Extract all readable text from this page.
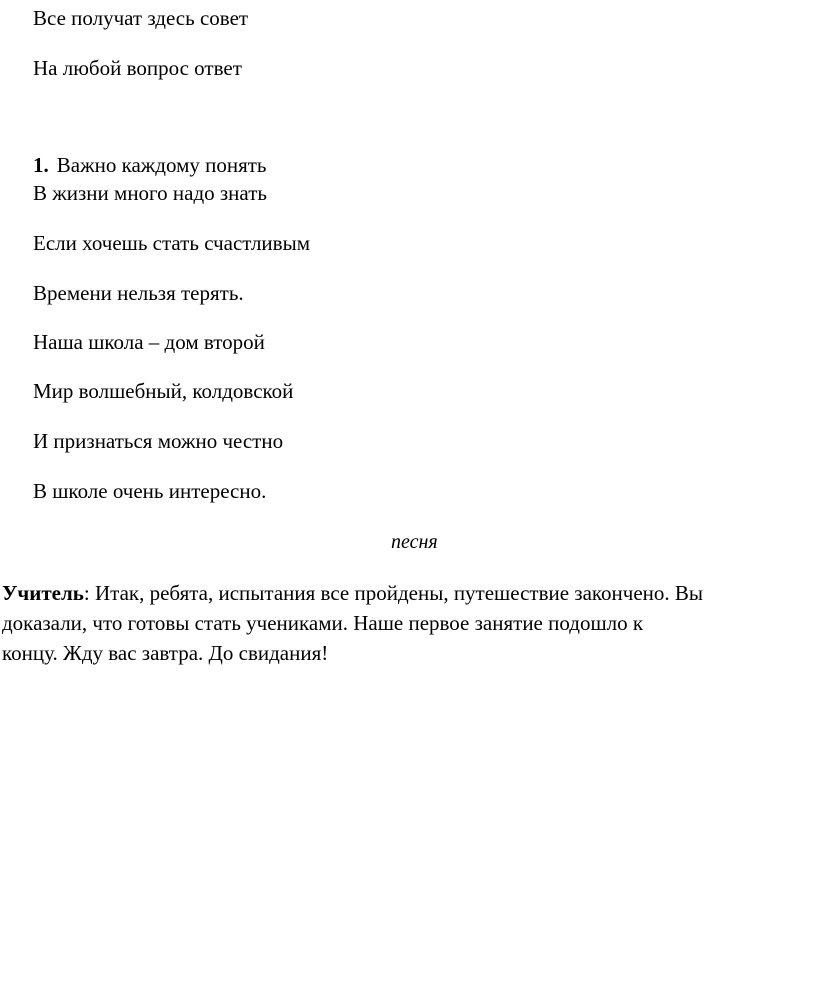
Все получат здесь совет

На любой вопрос ответ

1. Важно каждому понять

В жизни много надо знать

Если хочешь стать счастливым

Времени нельзя терять.

Наша школа – дом второй

Мир волшебный, колдовской

И признаться можно честно

В школе очень интересно.

песня

Учитель: Итак, ребята, испытания все пройдены, путешествие закончено. Вы
доказали, что готовы стать учениками. Наше первое занятие подошло к
концу. Жду вас завтра. До свидания!
